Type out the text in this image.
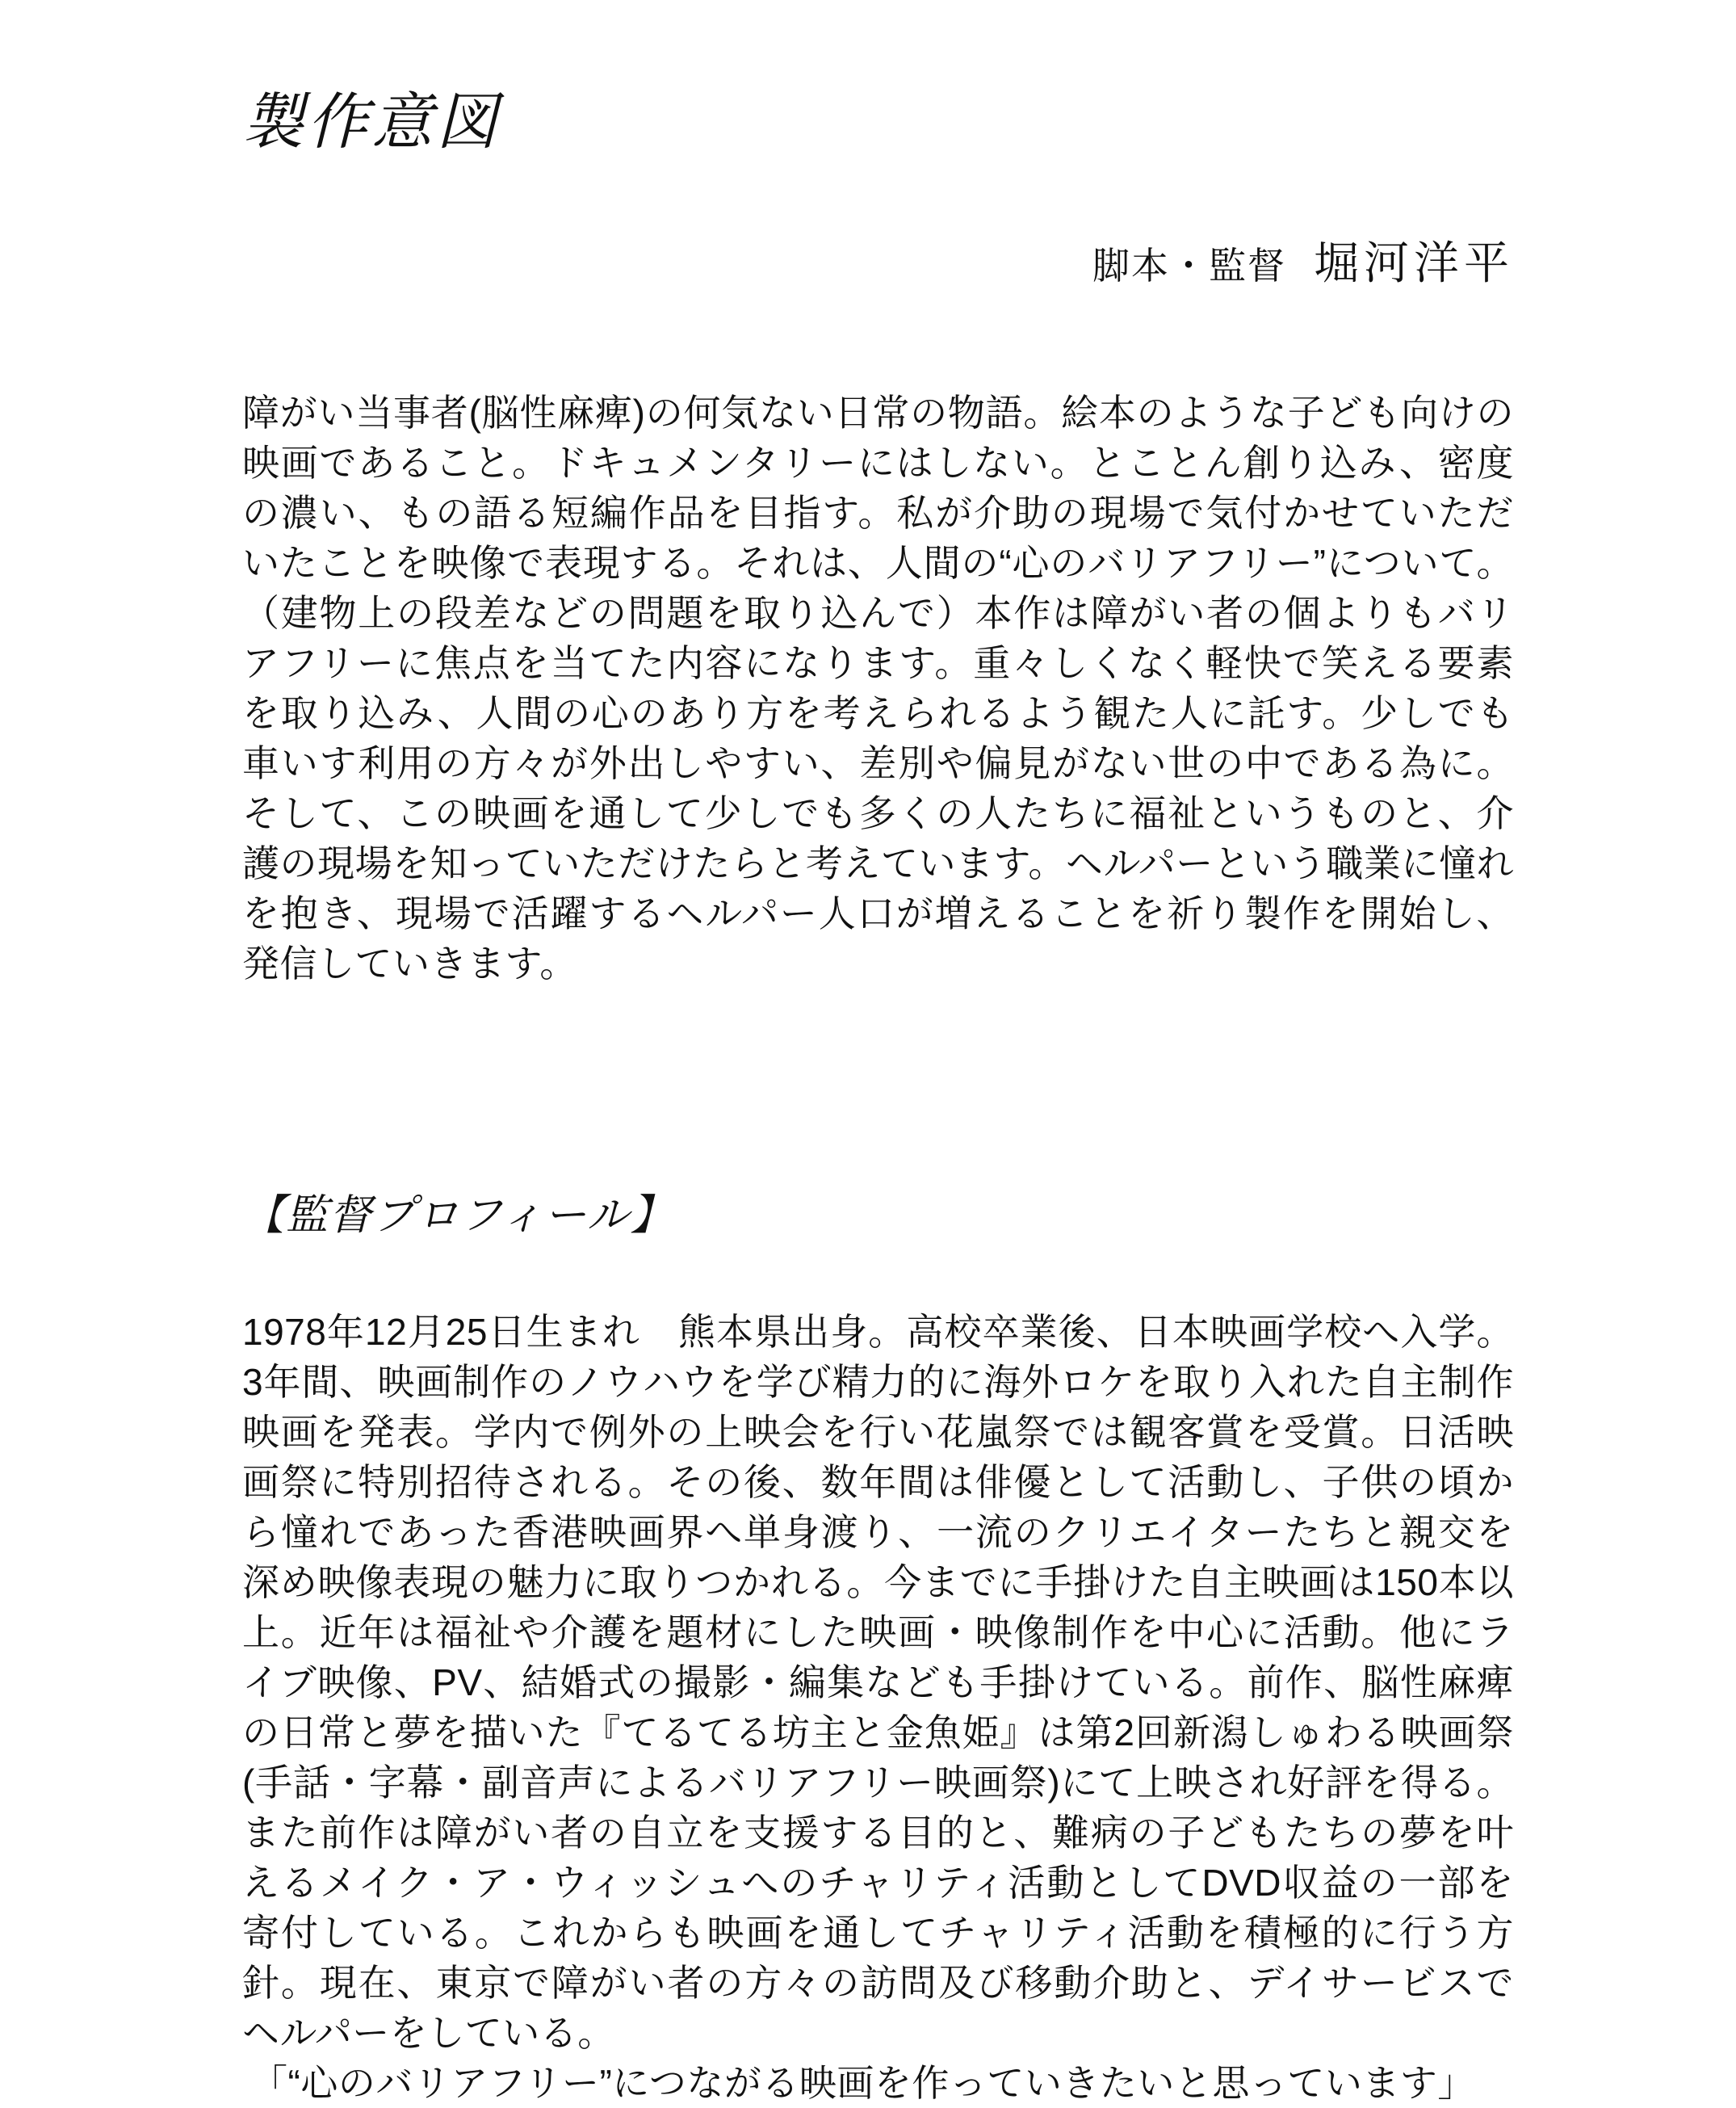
製作意図
脚本・監督 堀河洋平

障がい当事者(脳性麻痺)の何気ない日常の物語。絵本のような子ども向けの映画であること。ドキュメンタリーにはしない。とことん創り込み、密度の濃い、もの語る短編作品を目指す。私が介助の現場で気付かせていただいたことを映像で表現する。それは、人間の“心のバリアフリー”について。（建物上の段差などの問題を取り込んで）本作は障がい者の個よりもバリアフリーに焦点を当てた内容になります。重々しくなく軽快で笑える要素を取り込み、人間の心のあり方を考えられるよう観た人に託す。少しでも車いす利用の方々が外出しやすい、差別や偏見がない世の中である為に。そして、この映画を通して少しでも多くの人たちに福祉というものと、介護の現場を知っていただけたらと考えています。ヘルパーという職業に憧れを抱き、現場で活躍するヘルパー人口が増えることを祈り製作を開始し、発信していきます。

【監督プロフィール】

1978年12月25日生まれ　熊本県出身。高校卒業後、日本映画学校へ入学。3年間、映画制作のノウハウを学び精力的に海外ロケを取り入れた自主制作映画を発表。学内で例外の上映会を行い花嵐祭では観客賞を受賞。日活映画祭に特別招待される。その後、数年間は俳優として活動し、子供の頃から憧れであった香港映画界へ単身渡り、一流のクリエイターたちと親交を深め映像表現の魅力に取りつかれる。今までに手掛けた自主映画は150本以上。近年は福祉や介護を題材にした映画・映像制作を中心に活動。他にライブ映像、PV、結婚式の撮影・編集なども手掛けている。前作、脳性麻痺の日常と夢を描いた『てるてる坊主と金魚姫』は第2回新潟しゅわる映画祭(手話・字幕・副音声によるバリアフリー映画祭)にて上映され好評を得る。また前作は障がい者の自立を支援する目的と、難病の子どもたちの夢を叶えるメイク・ア・ウィッシュへのチャリティ活動としてDVD収益の一部を寄付している。これからも映画を通してチャリティ活動を積極的に行う方針。現在、東京で障がい者の方々の訪問及び移動介助と、デイサービスでヘルパーをしている。

「“心のバリアフリー”につながる映画を作っていきたいと思っています」
